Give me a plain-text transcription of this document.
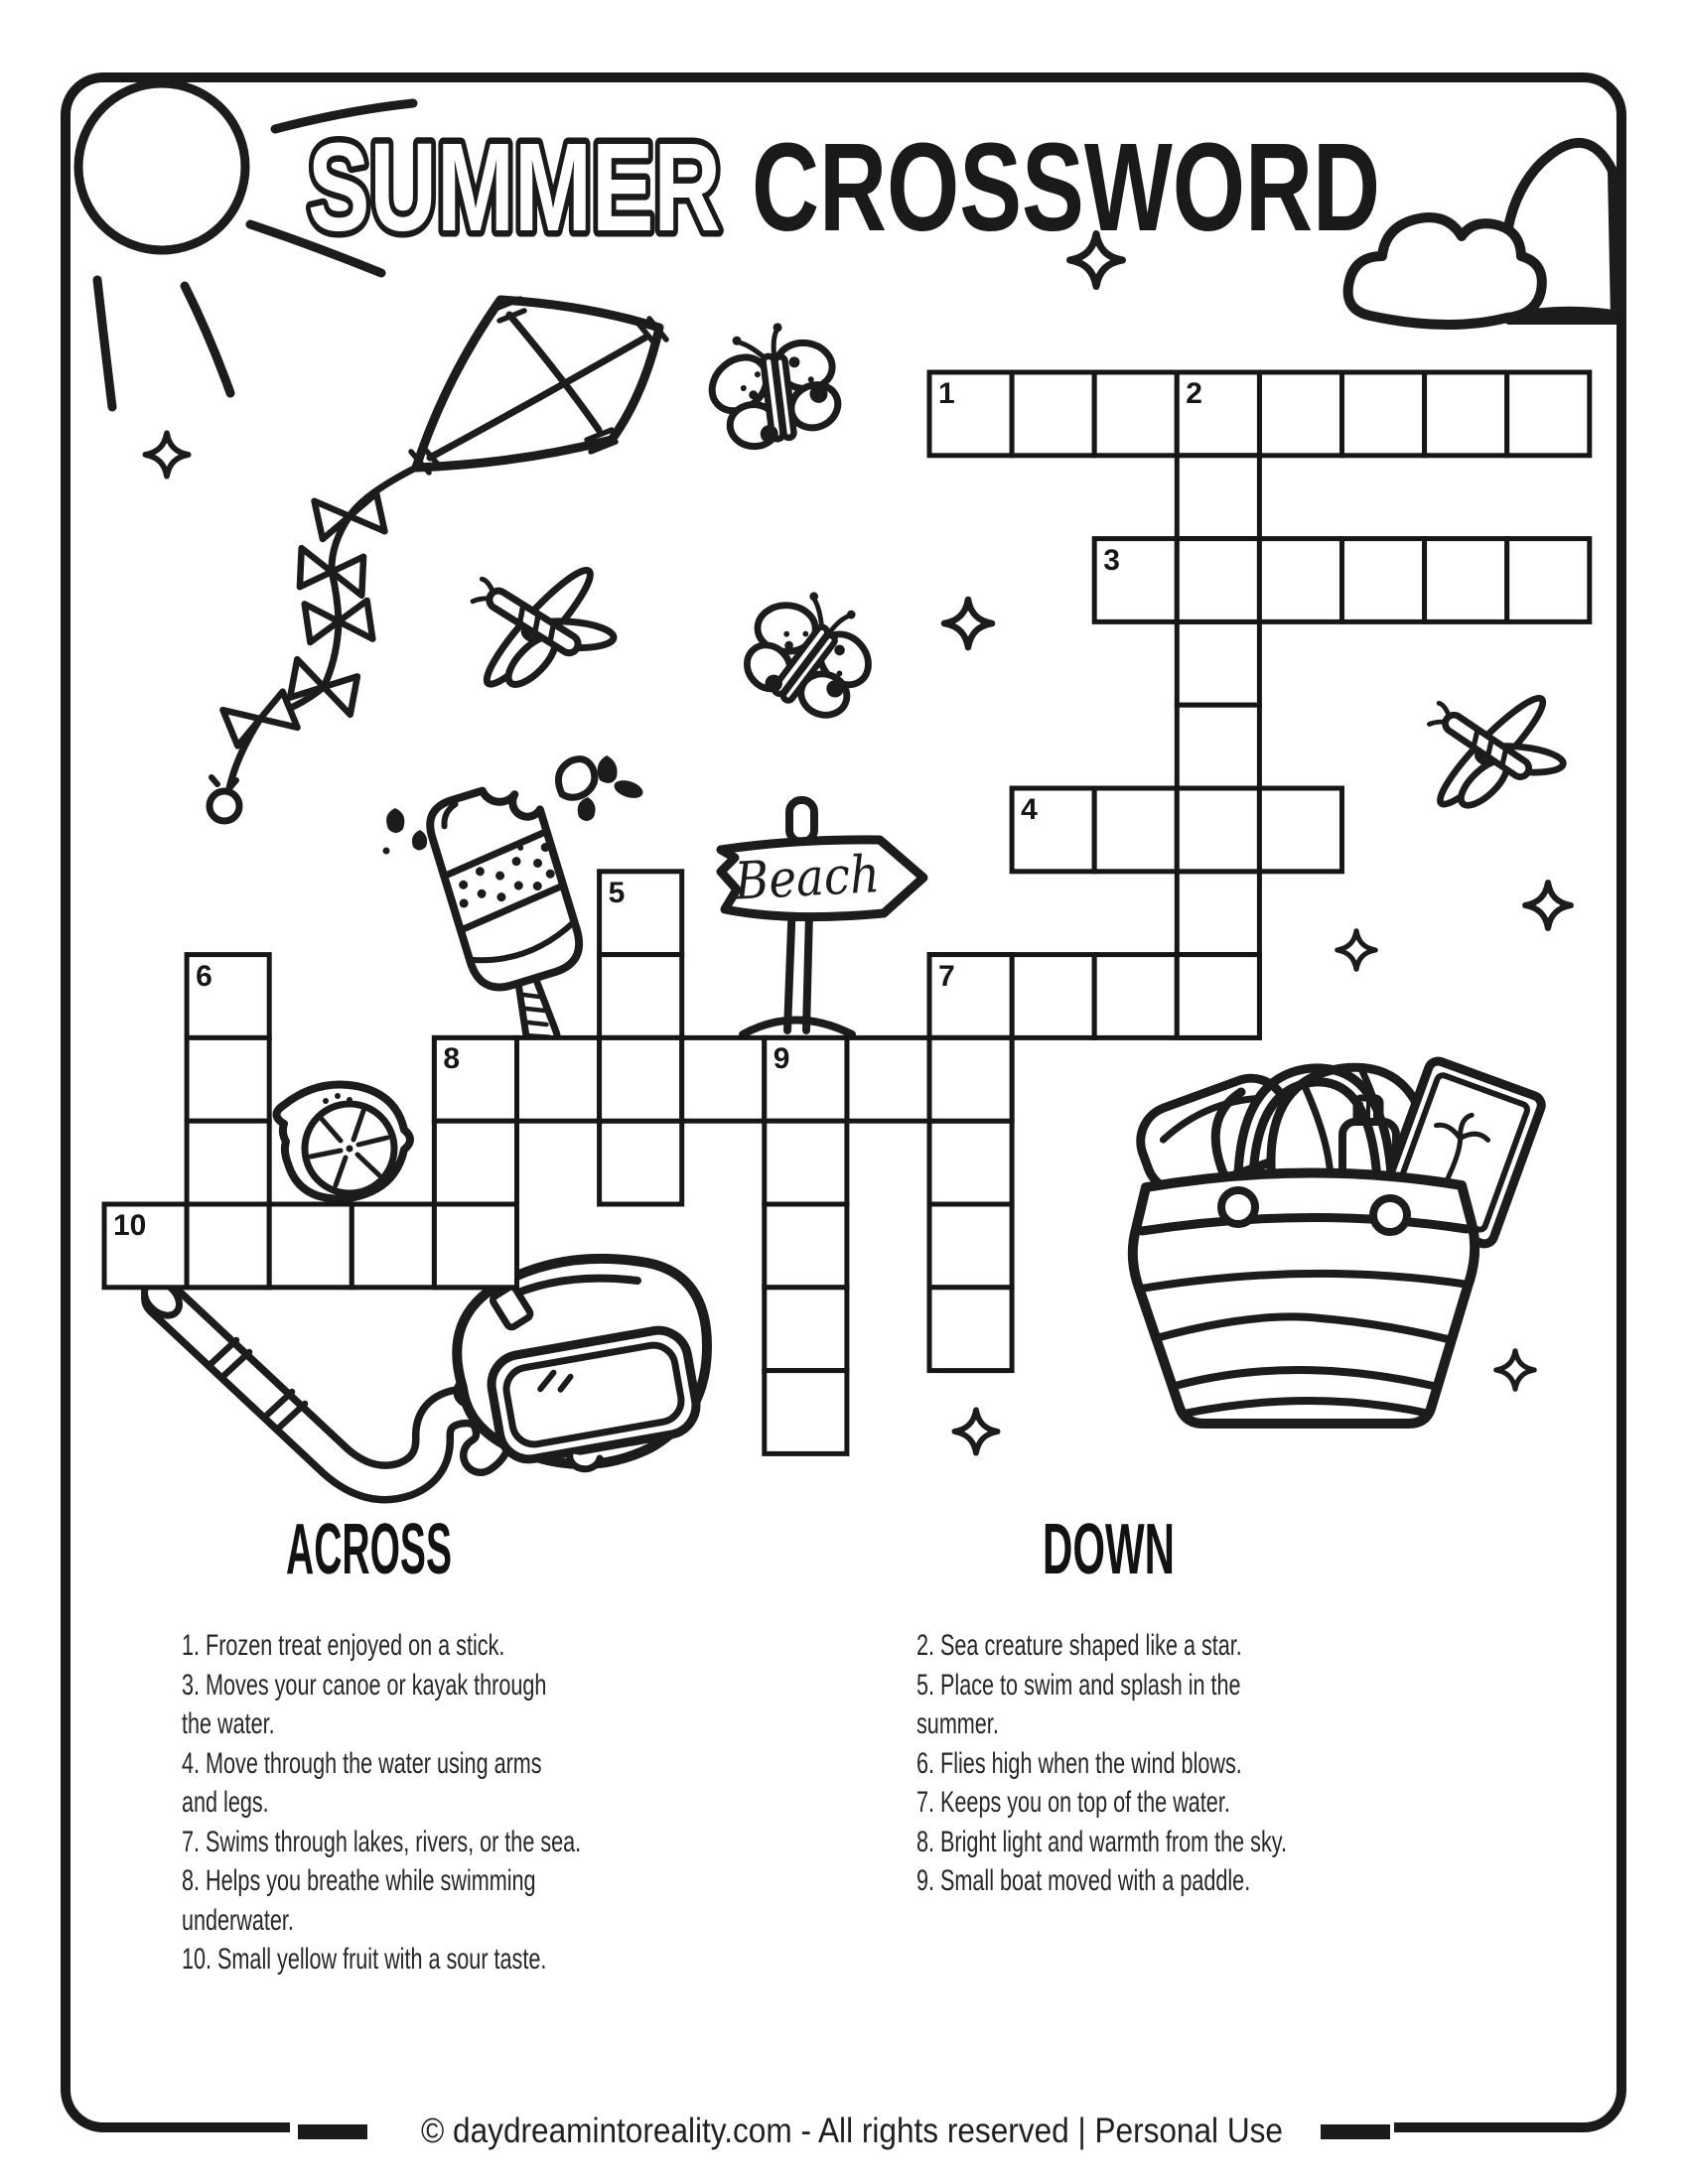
Beach
SUMMER CROSSWORD
ACROSS	DOWN
© daydreamintoreality.com - All rights reserved | Personal Use
1	2
3
4
5
6	7
8	9
10
1. Frozen treat enjoyed on a stick.
3. Moves your canoe or kayak through
the water.
4. Move through the water using arms
and legs.
7. Swims through lakes, rivers, or the sea.
8. Helps you breathe while swimming
underwater.
10. Small yellow fruit with a sour taste.
2. Sea creature shaped like a star.
5. Place to swim and splash in the
summer.
6. Flies high when the wind blows.
7. Keeps you on top of the water.
8. Bright light and warmth from the sky.
9. Small boat moved with a paddle.
